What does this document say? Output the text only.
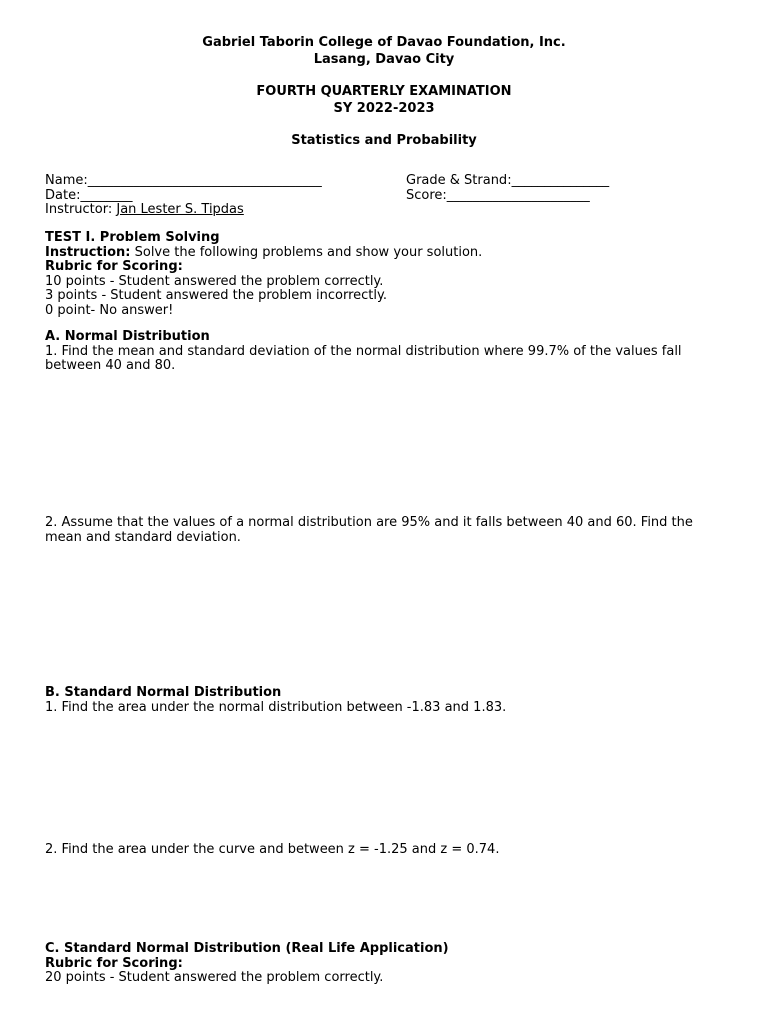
Gabriel Taborin College of Davao Foundation, Inc.
Lasang, Davao City
FOURTH QUARTERLY EXAMINATION
SY 2022-2023
Statistics and Probability
Name:____________________________________	Grade & Strand:_______________
Date:________	Score:______________________
Instructor: Jan Lester S. Tipdas
TEST I. Problem Solving
Instruction: Solve the following problems and show your solution.
Rubric for Scoring:
10 points - Student answered the problem correctly.
3 points - Student answered the problem incorrectly.
0 point- No answer!
A. Normal Distribution
1. Find the mean and standard deviation of the normal distribution where 99.7% of the values fall between 40 and 80.
2. Assume that the values of a normal distribution are 95% and it falls between 40 and 60. Find the mean and standard deviation.
B. Standard Normal Distribution
1. Find the area under the normal distribution between -1.83 and 1.83.
2. Find the area under the curve and between z = -1.25 and z = 0.74.
C. Standard Normal Distribution (Real Life Application)
Rubric for Scoring:
20 points - Student answered the problem correctly.
